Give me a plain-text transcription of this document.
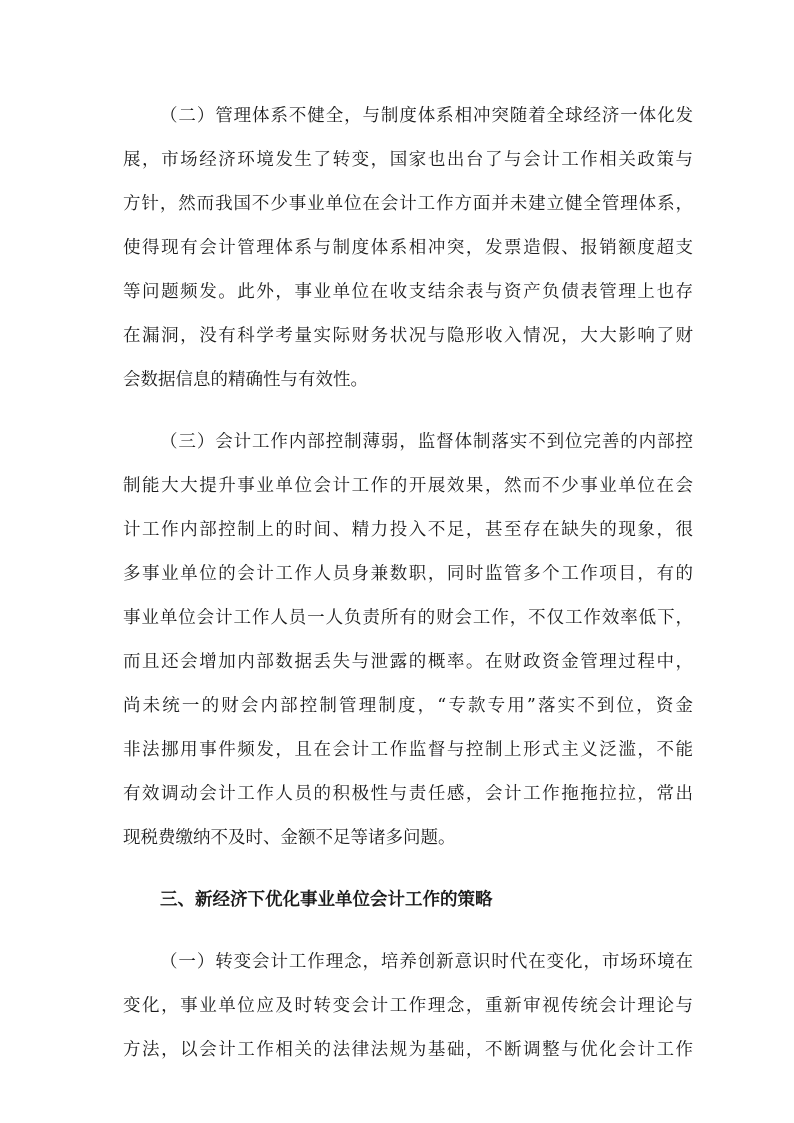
（二）管理体系不健全，与制度体系相冲突随着全球经济一体化发
展，市场经济环境发生了转变，国家也出台了与会计工作相关政策与
方针，然而我国不少事业单位在会计工作方面并未建立健全管理体系，
使得现有会计管理体系与制度体系相冲突，发票造假、报销额度超支
等问题频发。此外，事业单位在收支结余表与资产负债表管理上也存
在漏洞，没有科学考量实际财务状况与隐形收入情况，大大影响了财
会数据信息的精确性与有效性。
（三）会计工作内部控制薄弱，监督体制落实不到位完善的内部控
制能大大提升事业单位会计工作的开展效果，然而不少事业单位在会
计工作内部控制上的时间、精力投入不足，甚至存在缺失的现象，很
多事业单位的会计工作人员身兼数职，同时监管多个工作项目，有的
事业单位会计工作人员一人负责所有的财会工作，不仅工作效率低下，
而且还会增加内部数据丢失与泄露的概率。在财政资金管理过程中，
尚未统一的财会内部控制管理制度，“专款专用”落实不到位，资金
非法挪用事件频发，且在会计工作监督与控制上形式主义泛滥，不能
有效调动会计工作人员的积极性与责任感，会计工作拖拖拉拉，常出
现税费缴纳不及时、金额不足等诸多问题。
三、新经济下优化事业单位会计工作的策略
（一）转变会计工作理念，培养创新意识时代在变化，市场环境在
变化，事业单位应及时转变会计工作理念，重新审视传统会计理论与
方法，以会计工作相关的法律法规为基础，不断调整与优化会计工作
